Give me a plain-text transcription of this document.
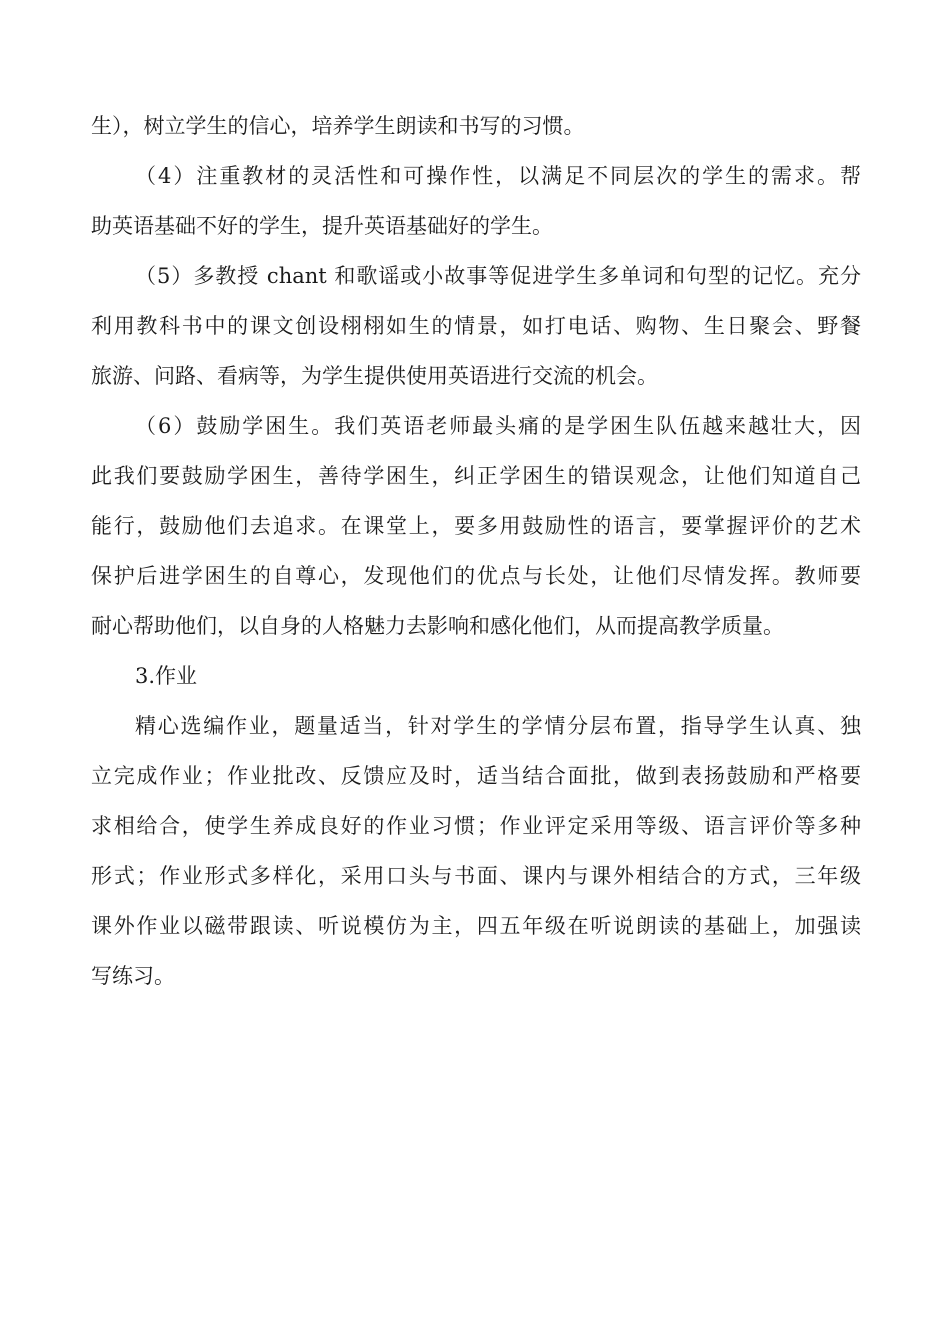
生），树立学生的信心，培养学生朗读和书写的习惯。
（4）注重教材的灵活性和可操作性，以满足不同层次的学生的需求。帮
助英语基础不好的学生，提升英语基础好的学生。
（5）多教授 chant 和歌谣或小故事等促进学生多单词和句型的记忆。充分
利用教科书中的课文创设栩栩如生的情景，如打电话、购物、生日聚会、野餐
旅游、问路、看病等，为学生提供使用英语进行交流的机会。
（6）鼓励学困生。我们英语老师最头痛的是学困生队伍越来越壮大，因
此我们要鼓励学困生，善待学困生，纠正学困生的错误观念，让他们知道自己
能行，鼓励他们去追求。在课堂上，要多用鼓励性的语言，要掌握评价的艺术
保护后进学困生的自尊心，发现他们的优点与长处，让他们尽情发挥。教师要
耐心帮助他们，以自身的人格魅力去影响和感化他们，从而提高教学质量。
3.作业
精心选编作业，题量适当，针对学生的学情分层布置，指导学生认真、独
立完成作业；作业批改、反馈应及时，适当结合面批，做到表扬鼓励和严格要
求相给合，使学生养成良好的作业习惯；作业评定采用等级、语言评价等多种
形式；作业形式多样化，采用口头与书面、课内与课外相结合的方式，三年级
课外作业以磁带跟读、听说模仿为主，四五年级在听说朗读的基础上，加强读
写练习。
